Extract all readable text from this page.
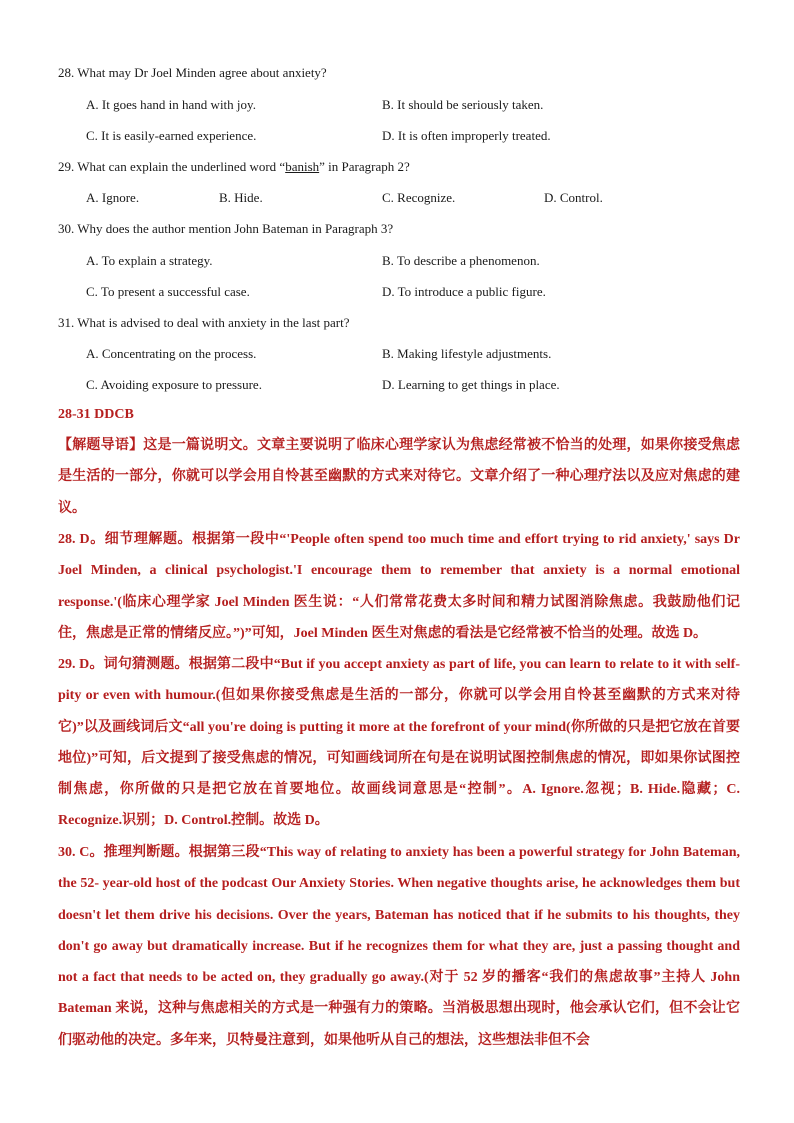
28. What may Dr Joel Minden agree about anxiety?
A. It goes hand in hand with joy.	B. It should be seriously taken.
C. It is easily-earned experience.	D. It is often improperly treated.
29. What can explain the underlined word “banish” in Paragraph 2?
A. Ignore.	B. Hide.	C. Recognize.	D. Control.
30. Why does the author mention John Bateman in Paragraph 3?
A. To explain a strategy.	B. To describe a phenomenon.
C. To present a successful case.	D. To introduce a public figure.
31. What is advised to deal with anxiety in the last part?
A. Concentrating on the process.	B. Making lifestyle adjustments.
C. Avoiding exposure to pressure.	D. Learning to get things in place.
28-31 DDCB
【解题导语】这是一篇说明文。文章主要说明了临床心理学家认为焦虑经常被不恰当的处理，如果你接受焦虑是生活的一部分，你就可以学会用自怜甚至幽默的方式来对待它。文章介绍了一种心理疗法以及应对焦虑的建议。
28. D。细节理解题。根据第一段中“'People often spend too much time and effort trying to rid anxiety,' says Dr Joel Minden, a clinical psychologist.'I encourage them to remember that anxiety is a normal emotional response.'(临床心理学家 Joel Minden 医生说：“人们常常花费太多时间和精力试图消除焦虑。我鼓励他们记住，焦虑是正常的情绪反应。”)”可知，Joel Minden 医生对焦虑的看法是它经常被不恰当的处理。故选 D。
29. D。词句猜测题。根据第二段中“But if you accept anxiety as part of life, you can learn to relate to it with self-pity or even with humour.(但如果你接受焦虑是生活的一部分，你就可以学会用自怜甚至幽默的方式来对待它)”以及画线词后文“all you're doing is putting it more at the forefront of your mind(你所做的只是把它放在首要地位)”可知，后文提到了接受焦虑的情况，可知画线词所在句是在说明试图控制焦虑的情况，即如果你试图控制焦虑，你所做的只是把它放在首要地位。故画线词意思是“控制”。A. Ignore.忽视；B. Hide.隐藏；C. Recognize.识别；D. Control.控制。故选 D。
30. C。推理判断题。根据第三段“This way of relating to anxiety has been a powerful strategy for John Bateman, the 52- year-old host of the podcast Our Anxiety Stories. When negative thoughts arise, he acknowledges them but doesn't let them drive his decisions. Over the years, Bateman has noticed that if he submits to his thoughts, they don't go away but dramatically increase. But if he recognizes them for what they are, just a passing thought and not a fact that needs to be acted on, they gradually go away.(对于 52 岁的播客“我们的焦虑故事”主持人 John Bateman 来说，这种与焦虑相关的方式是一种强有力的策略。当消极思想出现时，他会承认它们，但不会让它们驱动他的决定。多年来，贝特曼注意到，如果他听从自己的想法，这些想法非但不会
